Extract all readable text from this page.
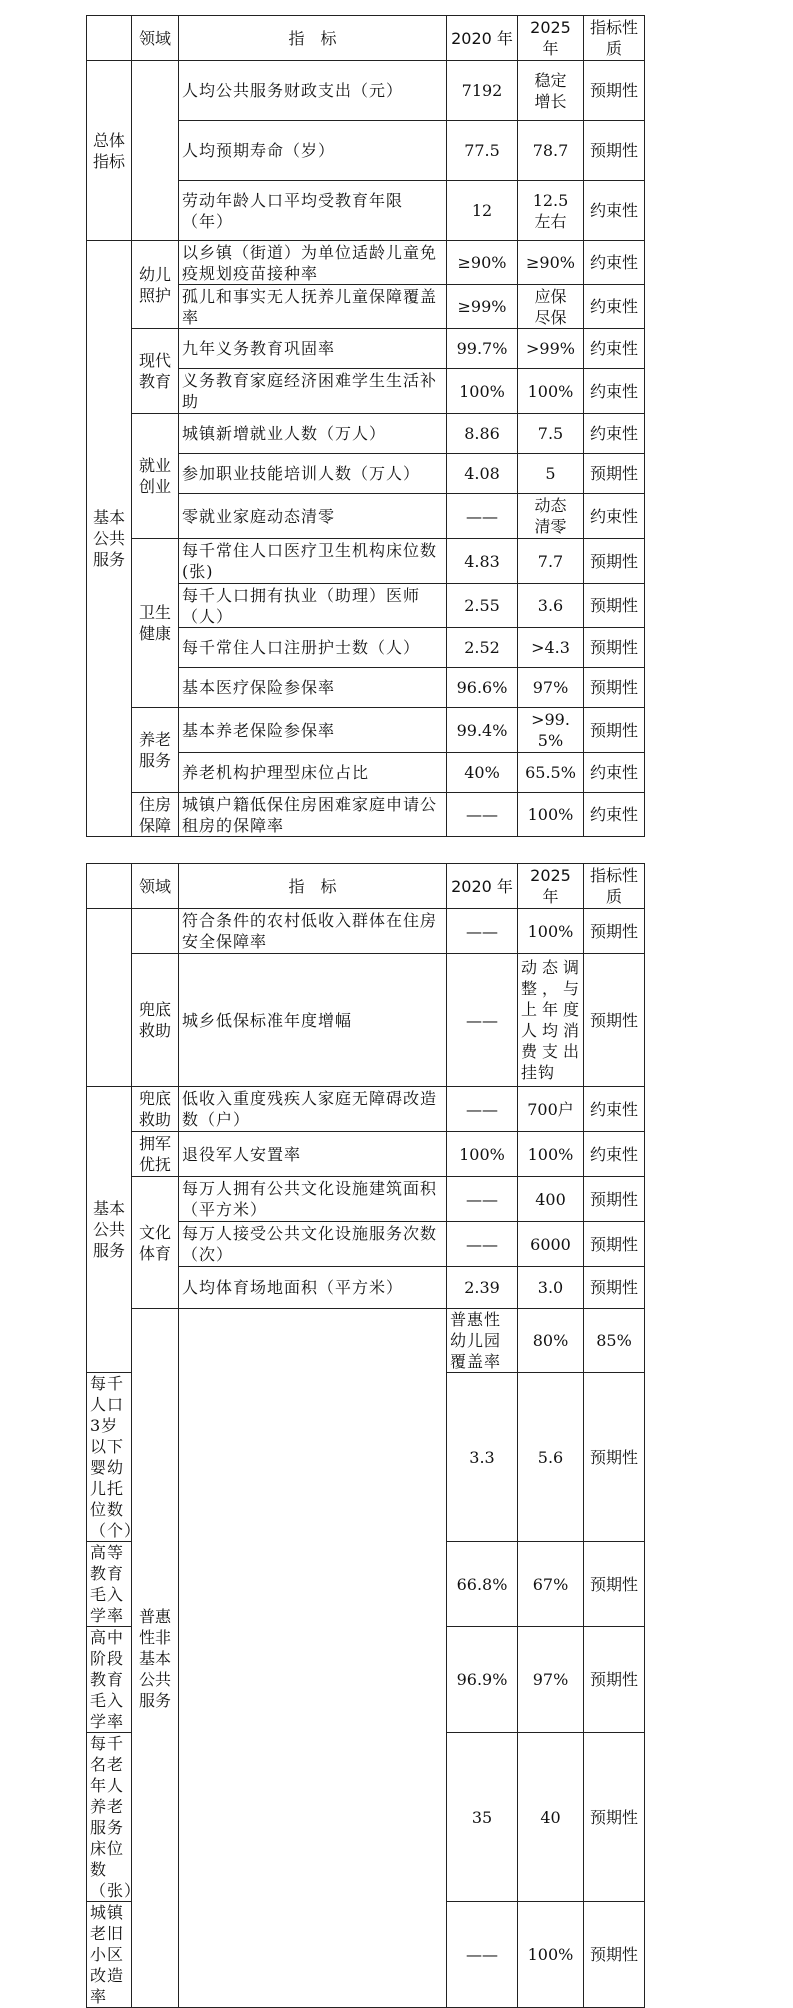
	领域	指　标	2020 年	2025 年	指标性质
总体指标		人均公共服务财政支出（元）	7192	稳定增长	预期性
		人均预期寿命（岁）	77.5	78.7	预期性
		劳动年龄人口平均受教育年限（年）	12	12.5左右	约束性
基本公共服务	幼儿照护	以乡镇（街道）为单位适龄儿童免疫规划疫苗接种率	≥90%	≥90%	约束性
		孤儿和事实无人抚养儿童保障覆盖率	≥99%	应保尽保	约束性
	现代教育	九年义务教育巩固率	99.7%	>99%	约束性
		义务教育家庭经济困难学生生活补助	100%	100%	约束性
	就业创业	城镇新增就业人数（万人）	8.86	7.5	约束性
		参加职业技能培训人数（万人）	4.08	5	预期性
		零就业家庭动态清零	——	动态清零	约束性
	卫生健康	每千常住人口医疗卫生机构床位数(张)	4.83	7.7	预期性
		每千人口拥有执业（助理）医师（人）	2.55	3.6	预期性
		每千常住人口注册护士数（人）	2.52	>4.3	预期性
		基本医疗保险参保率	96.6%	97%	预期性
	养老服务	基本养老保险参保率	99.4%	>99.5%	预期性
		养老机构护理型床位占比	40%	65.5%	约束性
	住房保障	城镇户籍低保住房困难家庭申请公租房的保障率	——	100%	约束性
	领域	指　标	2020 年	2025 年	指标性质	
		符合条件的农村低收入群体在住房安全保障率	——	100%	预期性	
	兜底救助	城乡低保标准年度增幅	——	动态调整，与上年度人均消费支出挂钩	预期性	
基本公共服务	兜底救助	低收入重度残疾人家庭无障碍改造数（户）	——	700户	约束性	
	拥军优抚	退役军人安置率	100%	100%	约束性	
	文化体育	每万人拥有公共文化设施建筑面积（平方米）	——	400	预期性	
		每万人接受公共文化设施服务次数（次）	——	6000	预期性	
		人均体育场地面积（平方米）	2.39	3.0	预期性	
	普惠性非基本公共服务		普惠性幼儿园覆盖率	80%	85%	
每千人口3岁以下婴幼儿托位数（个）			3.3	5.6	预期性	
高等教育毛入学率			66.8%	67%	预期性	
高中阶段教育毛入学率			96.9%	97%	预期性	
每千名老年人养老服务床位数（张）			35	40	预期性	
城镇老旧小区改造率			——	100%	预期性	
